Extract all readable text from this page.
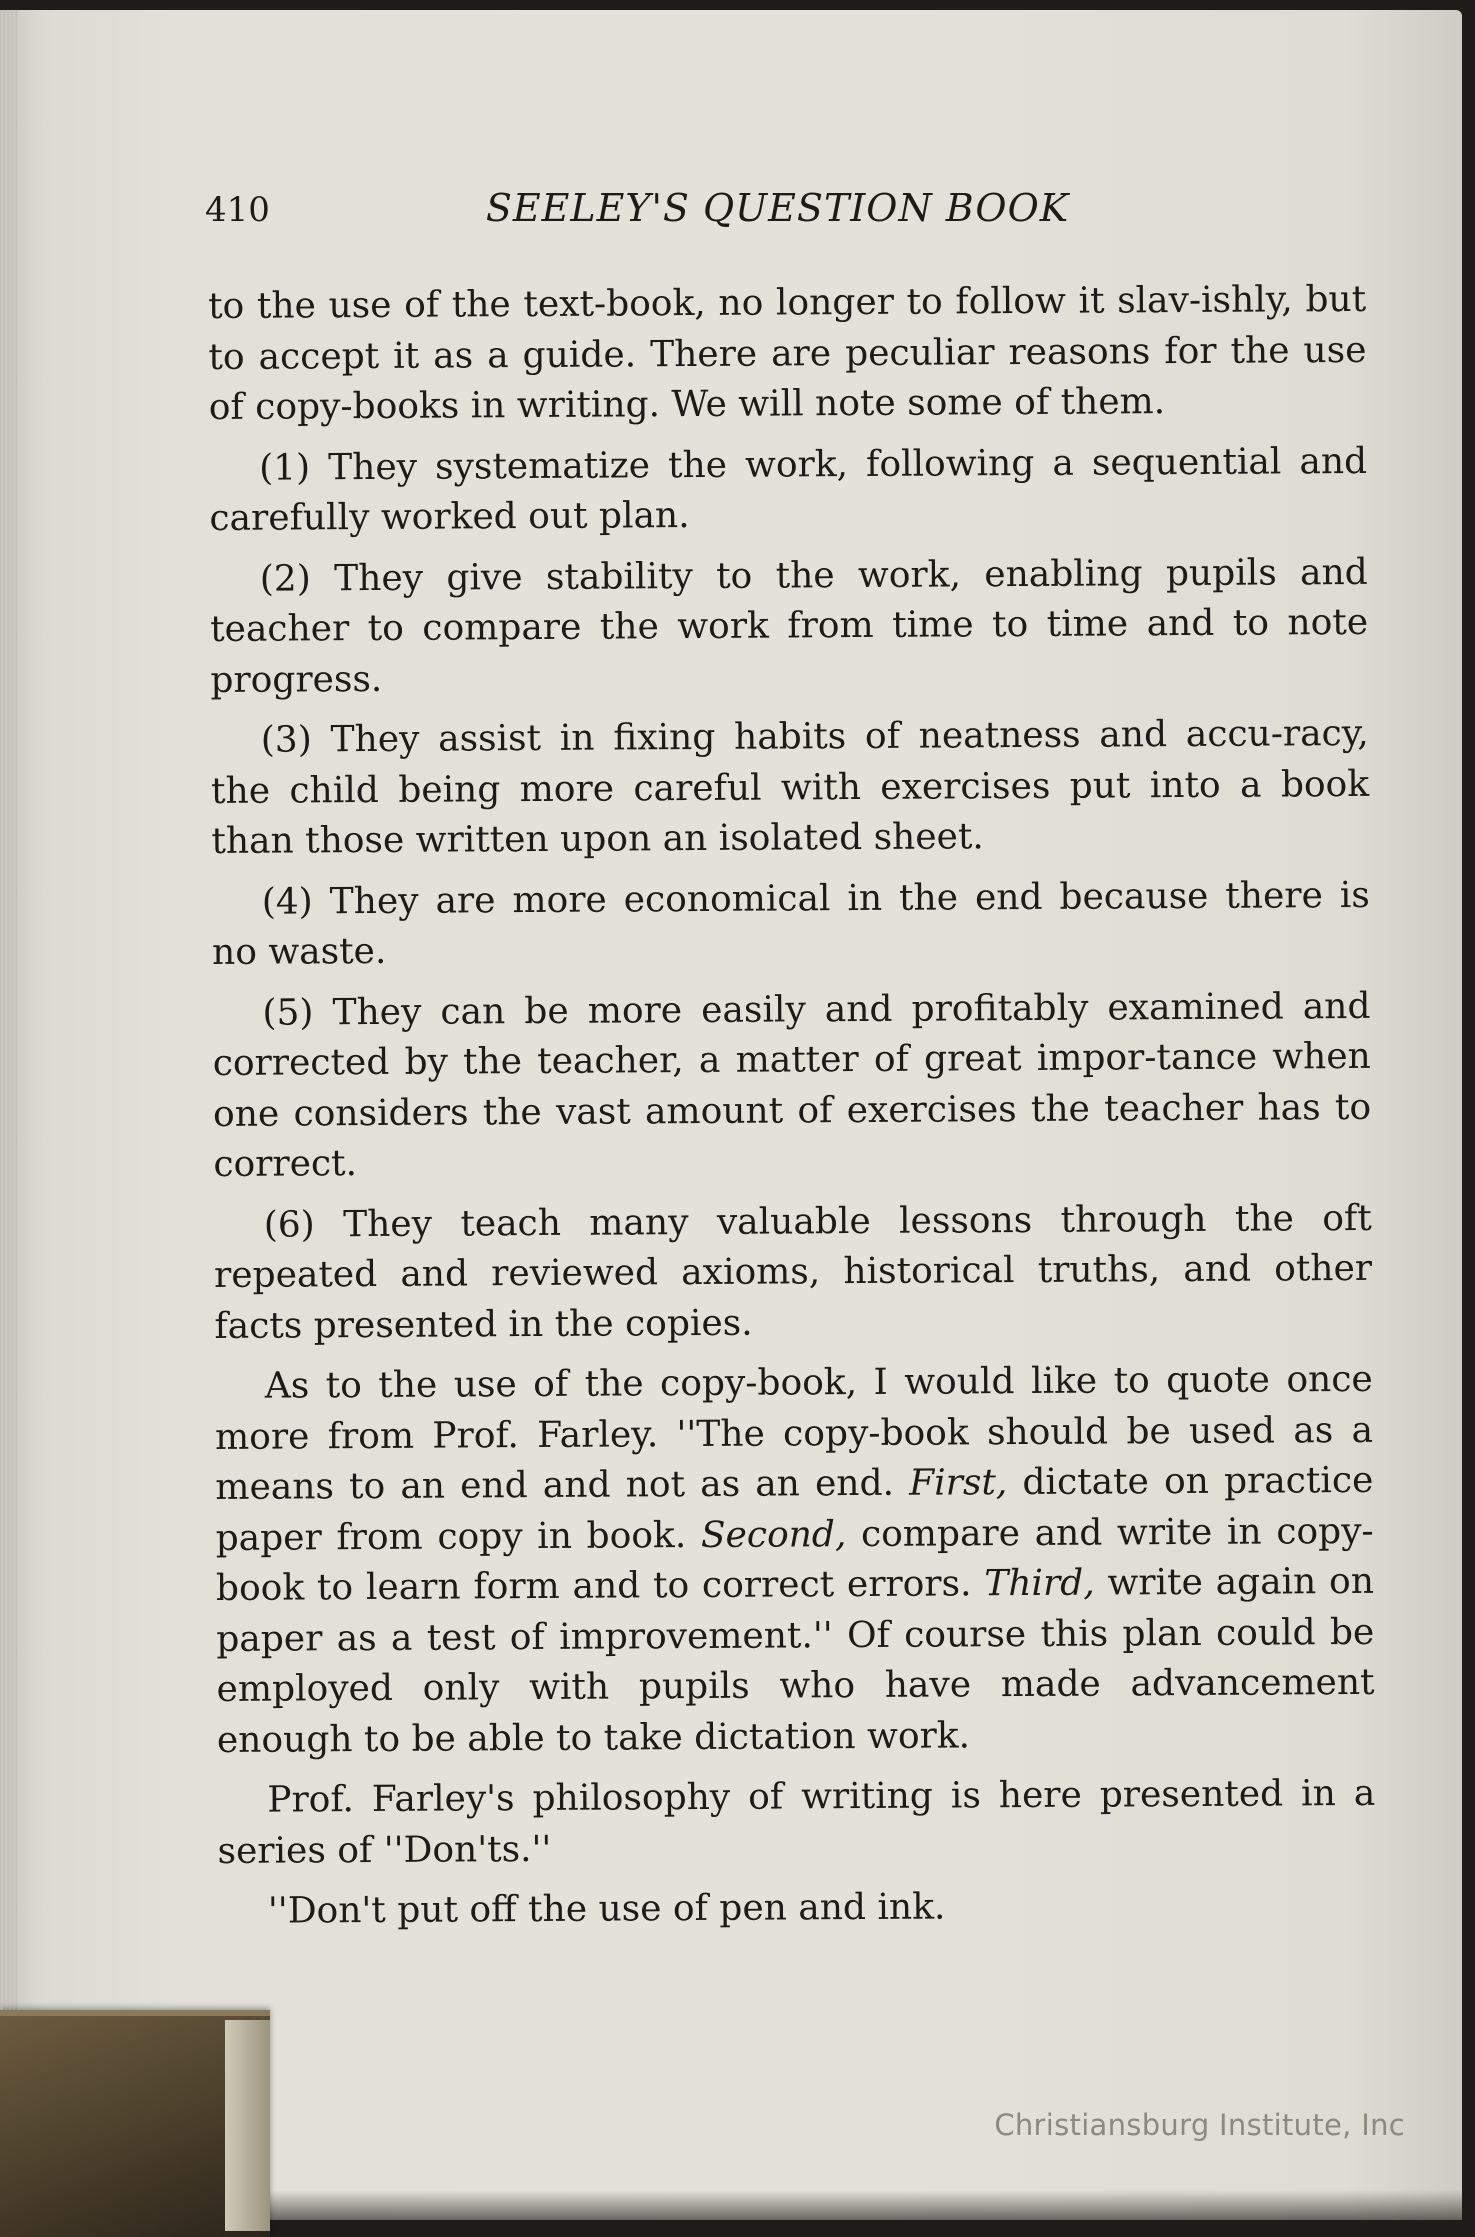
410	SEELEY'S QUESTION BOOK

to the use of the text-book, no longer to follow it slav-ishly, but to accept it as a guide. There are peculiar reasons for the use of copy-books in writing. We will note some of them.

(1) They systematize the work, following a sequential and carefully worked out plan.

(2) They give stability to the work, enabling pupils and teacher to compare the work from time to time and to note progress.

(3) They assist in fixing habits of neatness and accu-racy, the child being more careful with exercises put into a book than those written upon an isolated sheet.

(4) They are more economical in the end because there is no waste.

(5) They can be more easily and profitably examined and corrected by the teacher, a matter of great impor-tance when one considers the vast amount of exercises the teacher has to correct.

(6) They teach many valuable lessons through the oft repeated and reviewed axioms, historical truths, and other facts presented in the copies.

As to the use of the copy-book, I would like to quote once more from Prof. Farley. ''The copy-book should be used as a means to an end and not as an end. First, dictate on practice paper from copy in book. Second, compare and write in copy-book to learn form and to correct errors. Third, write again on paper as a test of improvement.'' Of course this plan could be employed only with pupils who have made advancement enough to be able to take dictation work.

Prof. Farley's philosophy of writing is here presented in a series of ''Don'ts.''

''Don't put off the use of pen and ink.

Christiansburg Institute, Inc
